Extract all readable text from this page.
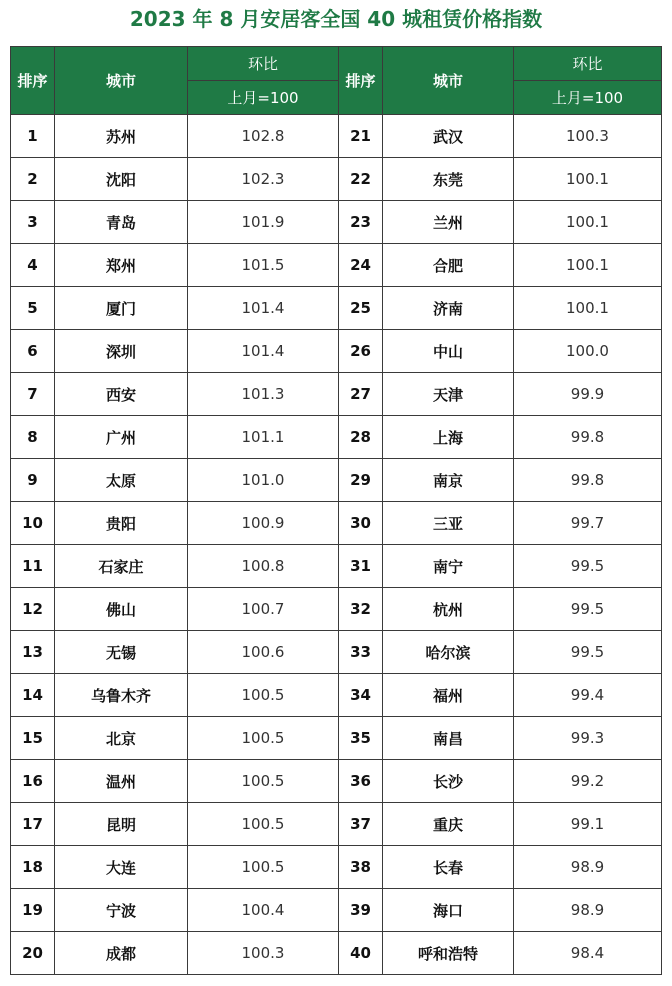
2023 年 8 月安居客全国 40 城租赁价格指数
排序	城市	环比	排序	城市	环比
		上月=100			上月=100
1	苏州	102.8	21	武汉	100.3
2	沈阳	102.3	22	东莞	100.1
3	青岛	101.9	23	兰州	100.1
4	郑州	101.5	24	合肥	100.1
5	厦门	101.4	25	济南	100.1
6	深圳	101.4	26	中山	100.0
7	西安	101.3	27	天津	99.9
8	广州	101.1	28	上海	99.8
9	太原	101.0	29	南京	99.8
10	贵阳	100.9	30	三亚	99.7
11	石家庄	100.8	31	南宁	99.5
12	佛山	100.7	32	杭州	99.5
13	无锡	100.6	33	哈尔滨	99.5
14	乌鲁木齐	100.5	34	福州	99.4
15	北京	100.5	35	南昌	99.3
16	温州	100.5	36	长沙	99.2
17	昆明	100.5	37	重庆	99.1
18	大连	100.5	38	长春	98.9
19	宁波	100.4	39	海口	98.9
20	成都	100.3	40	呼和浩特	98.4
